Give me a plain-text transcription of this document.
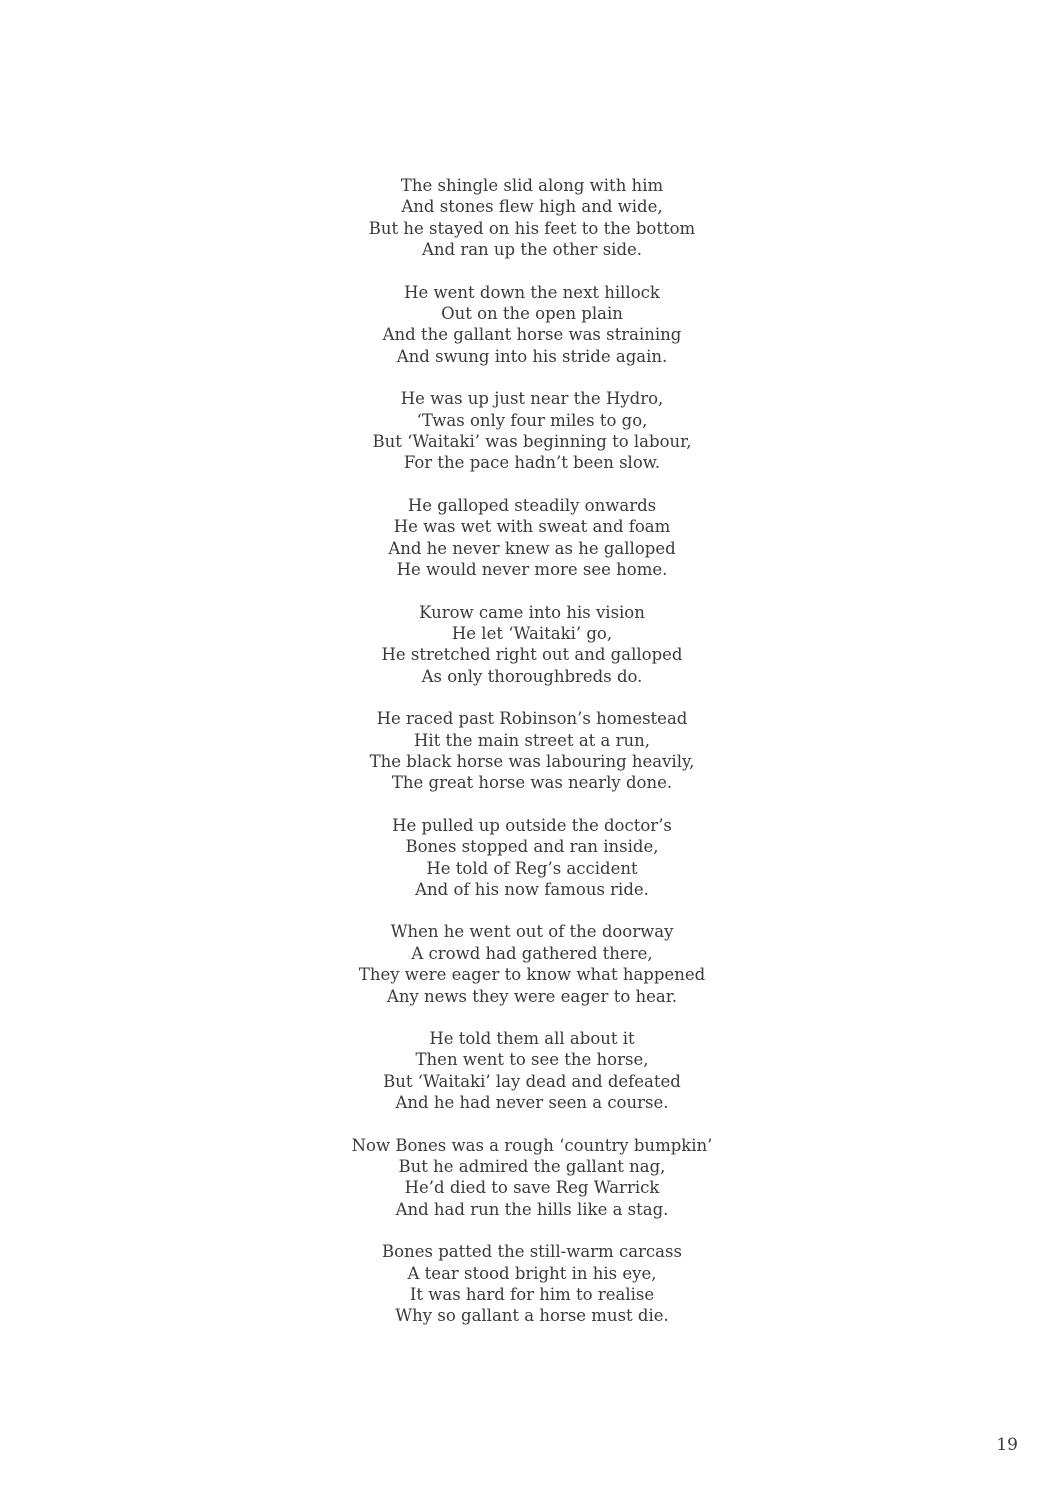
The shingle slid along with him
And stones flew high and wide,
But he stayed on his feet to the bottom
And ran up the other side.
He went down the next hillock
Out on the open plain
And the gallant horse was straining
And swung into his stride again.
He was up just near the Hydro,
‘Twas only four miles to go,
But ‘Waitaki’ was beginning to labour,
For the pace hadn’t been slow.
He galloped steadily onwards
He was wet with sweat and foam
And he never knew as he galloped
He would never more see home.
Kurow came into his vision
He let ‘Waitaki’ go,
He stretched right out and galloped
As only thoroughbreds do.
He raced past Robinson’s homestead
Hit the main street at a run,
The black horse was labouring heavily,
The great horse was nearly done.
He pulled up outside the doctor’s
Bones stopped and ran inside,
He told of Reg’s accident
And of his now famous ride.
When he went out of the doorway
A crowd had gathered there,
They were eager to know what happened
Any news they were eager to hear.
He told them all about it
Then went to see the horse,
But ‘Waitaki’ lay dead and defeated
And he had never seen a course.
Now Bones was a rough ‘country bumpkin’
But he admired the gallant nag,
He’d died to save Reg Warrick
And had run the hills like a stag.
Bones patted the still-warm carcass
A tear stood bright in his eye,
It was hard for him to realise
Why so gallant a horse must die.
19
